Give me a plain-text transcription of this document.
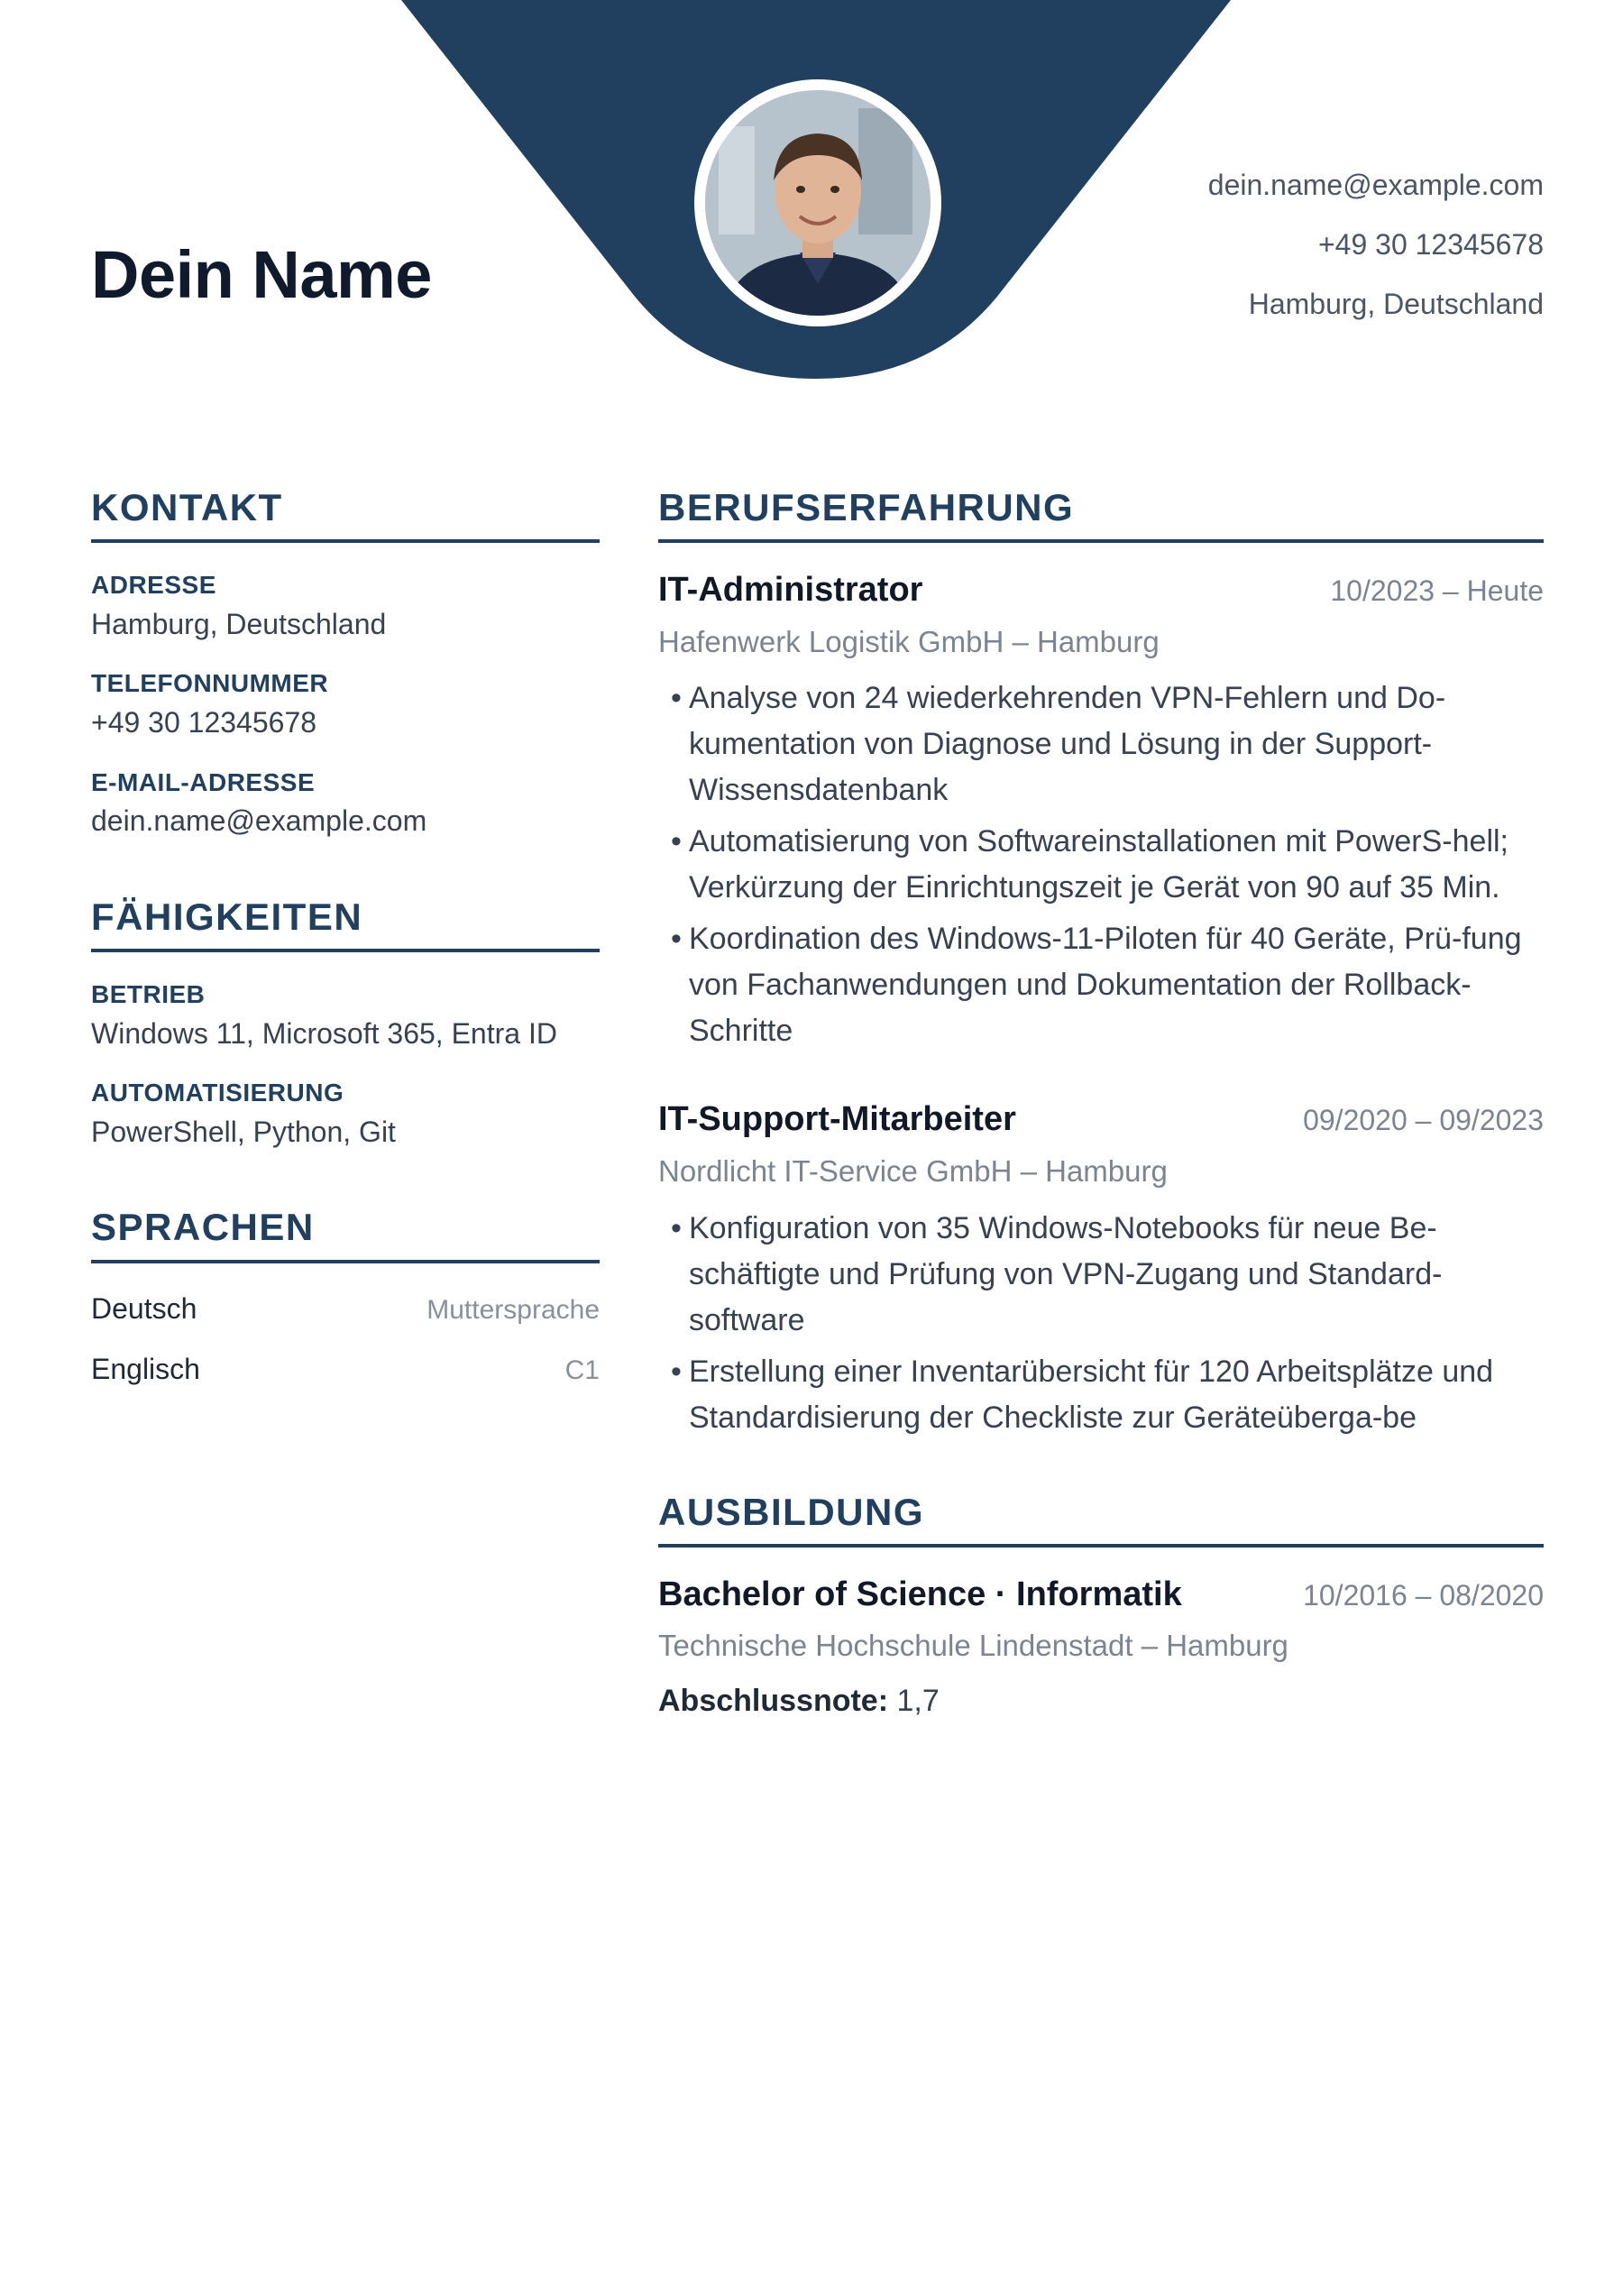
Dein Name
dein.name@example.com
+49 30 12345678
Hamburg, Deutschland
KONTAKT
ADRESSE
Hamburg, Deutschland
TELEFONNUMMER
+49 30 12345678
E-MAIL-ADRESSE
dein.name@example.com
FÄHIGKEITEN
BETRIEB
Windows 11, Microsoft 365, Entra ID
AUTOMATISIERUNG
PowerShell, Python, Git
SPRACHEN
Deutsch	Muttersprache
Englisch	C1
BERUFSERFAHRUNG
IT-Administrator	10/2023 – Heute
Hafenwerk Logistik GmbH – Hamburg
• Analyse von 24 wiederkehrenden VPN-Fehlern und Do-kumentation von Diagnose und Lösung in der Support-Wissensdatenbank
• Automatisierung von Softwareinstallationen mit PowerS-hell; Verkürzung der Einrichtungszeit je Gerät von 90 auf 35 Min.
• Koordination des Windows-11-Piloten für 40 Geräte, Prü-fung von Fachanwendungen und Dokumentation der Rollback-Schritte
IT-Support-Mitarbeiter	09/2020 – 09/2023
Nordlicht IT-Service GmbH – Hamburg
• Konfiguration von 35 Windows-Notebooks für neue Be-schäftigte und Prüfung von VPN-Zugang und Standard-software
• Erstellung einer Inventarübersicht für 120 Arbeitsplätze und Standardisierung der Checkliste zur Geräteüberga-be
AUSBILDUNG
Bachelor of Science · Informatik	10/2016 – 08/2020
Technische Hochschule Lindenstadt – Hamburg
Abschlussnote: 1,7
